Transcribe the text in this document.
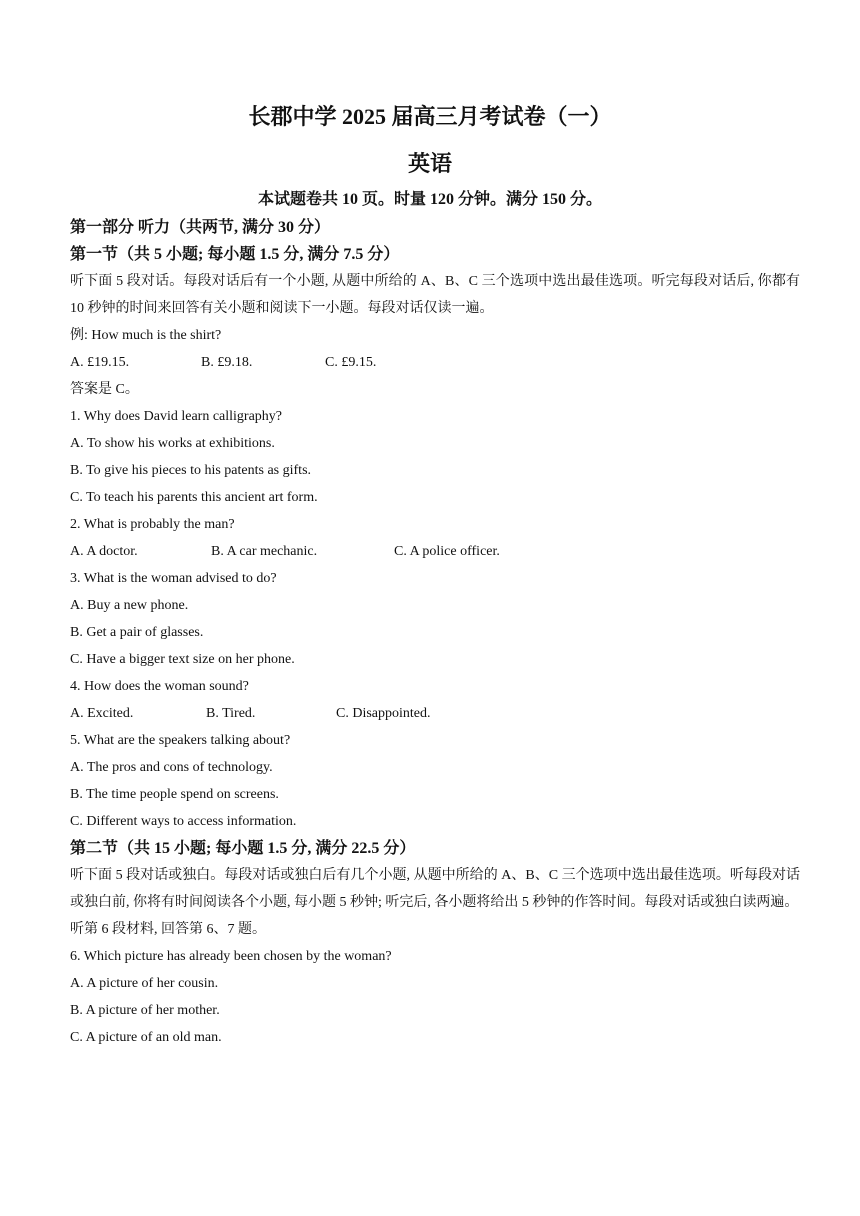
长郡中学 2025 届高三月考试卷（一）
英语
本试题卷共 10 页。时量 120 分钟。满分 150 分。
第一部分 听力（共两节, 满分 30 分）
第一节（共 5 小题; 每小题 1.5 分, 满分 7.5 分）
听下面 5 段对话。每段对话后有一个小题, 从题中所给的 A、B、C 三个选项中选出最佳选项。听完每段对话后, 你都有 10 秒钟的时间来回答有关小题和阅读下一小题。每段对话仅读一遍。
例: How much is the shirt?
A. £19.15.	B. £9.18.	C. £9.15.
答案是 C。
1. Why does David learn calligraphy?
A. To show his works at exhibitions.
B. To give his pieces to his patents as gifts.
C. To teach his parents this ancient art form.
2. What is probably the man?
A. A doctor.	B. A car mechanic.	C. A police officer.
3. What is the woman advised to do?
A. Buy a new phone.
B. Get a pair of glasses.
C. Have a bigger text size on her phone.
4. How does the woman sound?
A. Excited.	B. Tired.	C. Disappointed.
5. What are the speakers talking about?
A. The pros and cons of technology.
B. The time people spend on screens.
C. Different ways to access information.
第二节（共 15 小题; 每小题 1.5 分, 满分 22.5 分）
听下面 5 段对话或独白。每段对话或独白后有几个小题, 从题中所给的 A、B、C 三个选项中选出最佳选项。听每段对话或独白前, 你将有时间阅读各个小题, 每小题 5 秒钟; 听完后, 各小题将给出 5 秒钟的作答时间。每段对话或独白读两遍。
听第 6 段材料, 回答第 6、7 题。
6. Which picture has already been chosen by the woman?
A. A picture of her cousin.
B. A picture of her mother.
C. A picture of an old man.
